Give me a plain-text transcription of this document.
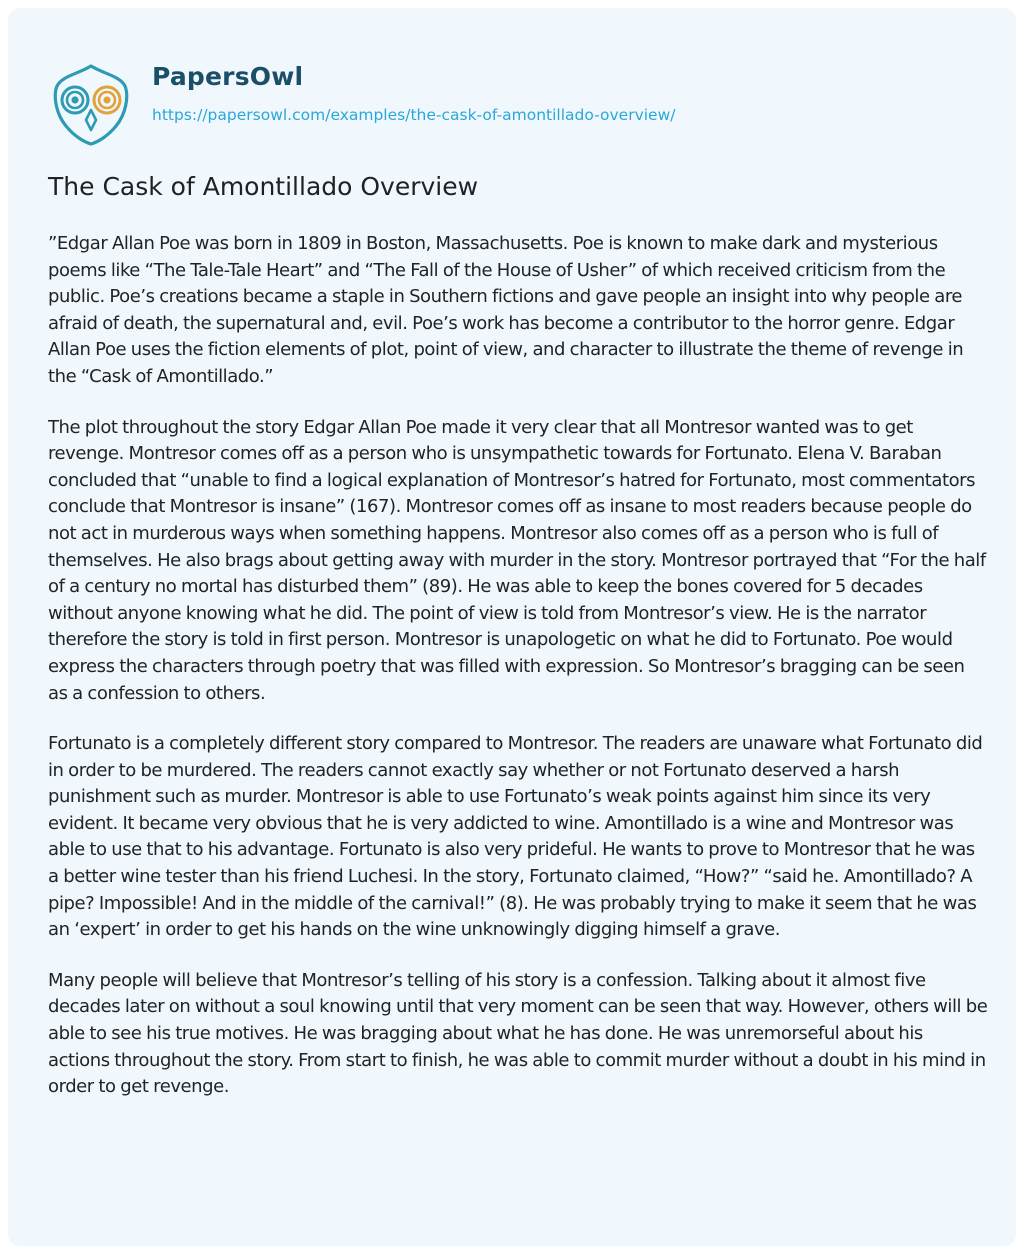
PapersOwl
https://papersowl.com/examples/the-cask-of-amontillado-overview/
The Cask of Amontillado Overview

”Edgar Allan Poe was born in 1809 in Boston, Massachusetts. Poe is known to make dark and mysterious poems like “The Tale-Tale Heart” and “The Fall of the House of Usher” of which received criticism from the public. Poe’s creations became a staple in Southern fictions and gave people an insight into why people are afraid of death, the supernatural and, evil. Poe’s work has become a contributor to the horror genre. Edgar Allan Poe uses the fiction elements of plot, point of view, and character to illustrate the theme of revenge in the “Cask of Amontillado.”

The plot throughout the story Edgar Allan Poe made it very clear that all Montresor wanted was to get revenge. Montresor comes off as a person who is unsympathetic towards for Fortunato. Elena V. Baraban concluded that “unable to find a logical explanation of Montresor’s hatred for Fortunato, most commentators conclude that Montresor is insane” (167). Montresor comes off as insane to most readers because people do not act in murderous ways when something happens. Montresor also comes off as a person who is full of themselves. He also brags about getting away with murder in the story. Montresor portrayed that “For the half of a century no mortal has disturbed them” (89). He was able to keep the bones covered for 5 decades without anyone knowing what he did. The point of view is told from Montresor’s view. He is the narrator therefore the story is told in first person. Montresor is unapologetic on what he did to Fortunato. Poe would express the characters through poetry that was filled with expression. So Montresor’s bragging can be seen as a confession to others.

Fortunato is a completely different story compared to Montresor. The readers are unaware what Fortunato did in order to be murdered. The readers cannot exactly say whether or not Fortunato deserved a harsh punishment such as murder. Montresor is able to use Fortunato’s weak points against him since its very evident. It became very obvious that he is very addicted to wine. Amontillado is a wine and Montresor was able to use that to his advantage. Fortunato is also very prideful. He wants to prove to Montresor that he was a better wine tester than his friend Luchesi. In the story, Fortunato claimed, “How?” “said he. Amontillado? A pipe? Impossible! And in the middle of the carnival!” (8). He was probably trying to make it seem that he was an ‘expert’ in order to get his hands on the wine unknowingly digging himself a grave.

Many people will believe that Montresor’s telling of his story is a confession. Talking about it almost five decades later on without a soul knowing until that very moment can be seen that way. However, others will be able to see his true motives. He was bragging about what he has done. He was unremorseful about his actions throughout the story. From start to finish, he was able to commit murder without a doubt in his mind in order to get revenge.
